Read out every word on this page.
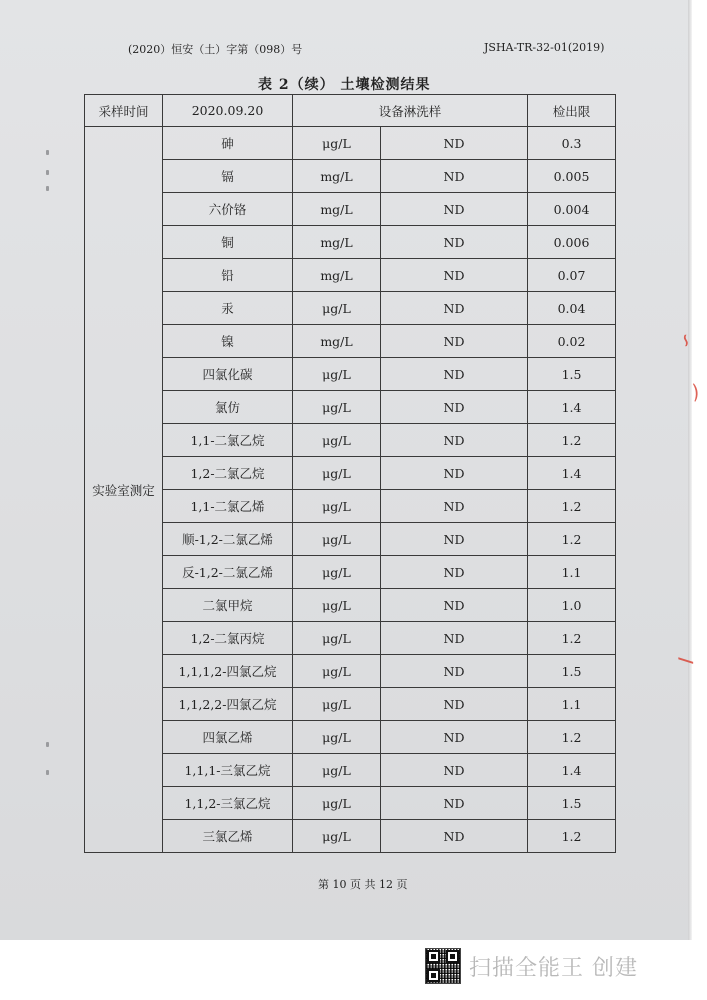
(2020）恒安（土）字第（098）号	JSHA-TR-32-01(2019)
表 2（续） 土壤检测结果
∽
⌒
∕
采样时间	2020.09.20	设备淋洗样		检出限
实验室测定	砷	μg/L	ND	0.3
	镉	mg/L	ND	0.005
	六价铬	mg/L	ND	0.004
	铜	mg/L	ND	0.006
	铅	mg/L	ND	0.07
	汞	μg/L	ND	0.04
	镍	mg/L	ND	0.02
	四氯化碳	μg/L	ND	1.5
	氯仿	μg/L	ND	1.4
	1,1-二氯乙烷	μg/L	ND	1.2
	1,2-二氯乙烷	μg/L	ND	1.4
	1,1-二氯乙烯	μg/L	ND	1.2
	顺-1,2-二氯乙烯	μg/L	ND	1.2
	反-1,2-二氯乙烯	μg/L	ND	1.1
	二氯甲烷	μg/L	ND	1.0
	1,2-二氯丙烷	μg/L	ND	1.2
	1,1,1,2-四氯乙烷	μg/L	ND	1.5
	1,1,2,2-四氯乙烷	μg/L	ND	1.1
	四氯乙烯	μg/L	ND	1.2
	1,1,1-三氯乙烷	μg/L	ND	1.4
	1,1,2-三氯乙烷	μg/L	ND	1.5
	三氯乙烯	μg/L	ND	1.2
第 10 页 共 12 页
扫描全能王 创建
